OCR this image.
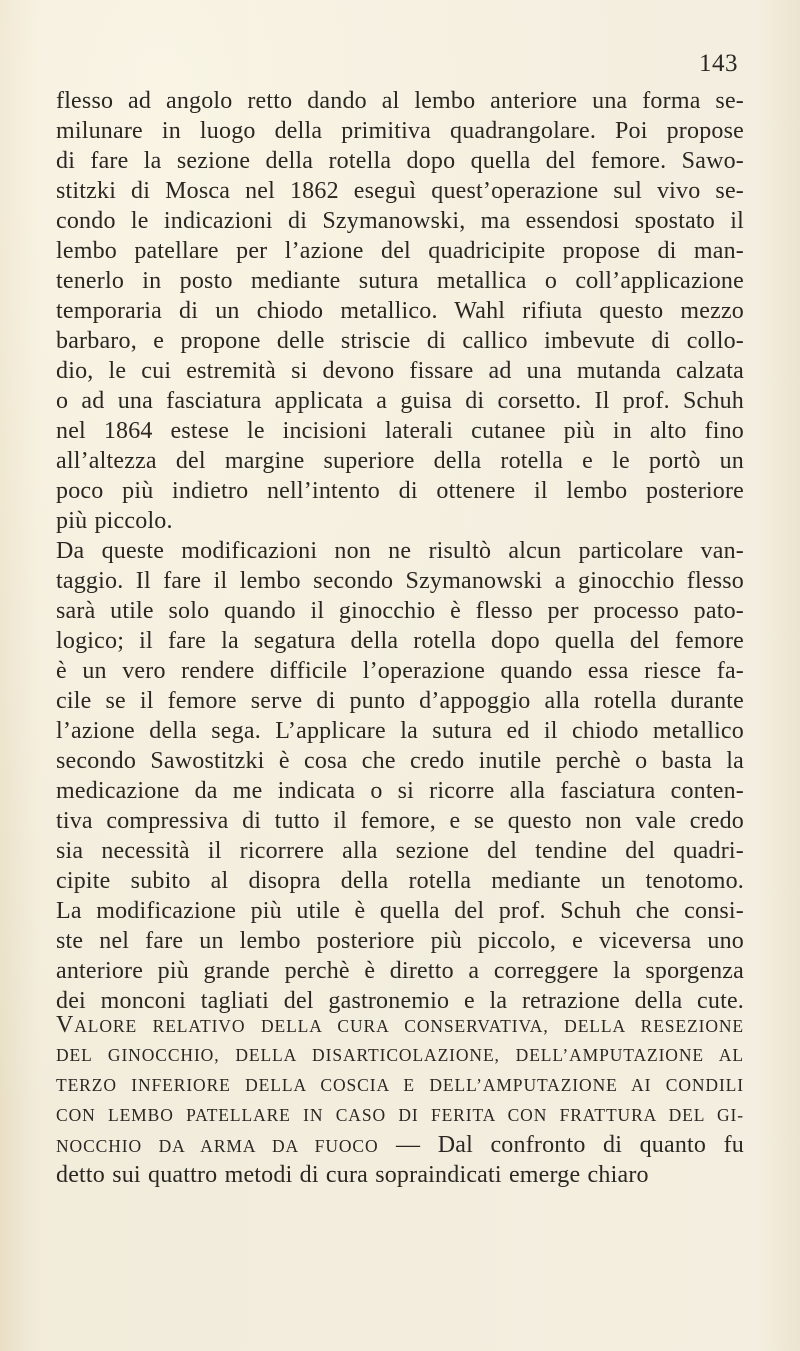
143
flesso ad angolo retto dando al lembo anteriore una forma se-
milunare in luogo della primitiva quadrangolare. Poi propose
di fare la sezione della rotella dopo quella del femore. Sawo-
stitzki di Mosca nel 1862 eseguì quest’operazione sul vivo se-
condo le indicazioni di Szymanowski, ma essendosi spostato il
lembo patellare per l’azione del quadricipite propose di man-
tenerlo in posto mediante sutura metallica o coll’applicazione
temporaria di un chiodo metallico. Wahl rifiuta questo mezzo
barbaro, e propone delle striscie di callico imbevute di collo-
dio, le cui estremità si devono fissare ad una mutanda calzata
o ad una fasciatura applicata a guisa di corsetto. Il prof. Schuh
nel 1864 estese le incisioni laterali cutanee più in alto fino
all’altezza del margine superiore della rotella e le portò un
poco più indietro nell’intento di ottenere il lembo posteriore
più piccolo.
Da queste modificazioni non ne risultò alcun particolare van-
taggio. Il fare il lembo secondo Szymanowski a ginocchio flesso
sarà utile solo quando il ginocchio è flesso per processo pato-
logico; il fare la segatura della rotella dopo quella del femore
è un vero rendere difficile l’operazione quando essa riesce fa-
cile se il femore serve di punto d’appoggio alla rotella durante
l’azione della sega. L’applicare la sutura ed il chiodo metallico
secondo Sawostitzki è cosa che credo inutile perchè o basta la
medicazione da me indicata o si ricorre alla fasciatura conten-
tiva compressiva di tutto il femore, e se questo non vale credo
sia necessità il ricorrere alla sezione del tendine del quadri-
cipite subito al disopra della rotella mediante un tenotomo.
La modificazione più utile è quella del prof. Schuh che consi-
ste nel fare un lembo posteriore più piccolo, e viceversa uno
anteriore più grande perchè è diretto a correggere la sporgenza
dei monconi tagliati del gastronemio e la retrazione della cute.
VALORE RELATIVO DELLA CURA CONSERVATIVA, DELLA RESEZIONE
DEL GINOCCHIO, DELLA DISARTICOLAZIONE, DELL’AMPUTAZIONE AL
TERZO INFERIORE DELLA COSCIA E DELL’AMPUTAZIONE AI CONDILI
CON LEMBO PATELLARE IN CASO DI FERITA CON FRATTURA DEL GI-
NOCCHIO DA ARMA DA FUOCO — Dal confronto di quanto fu
detto sui quattro metodi di cura sopraindicati emerge chiaro
